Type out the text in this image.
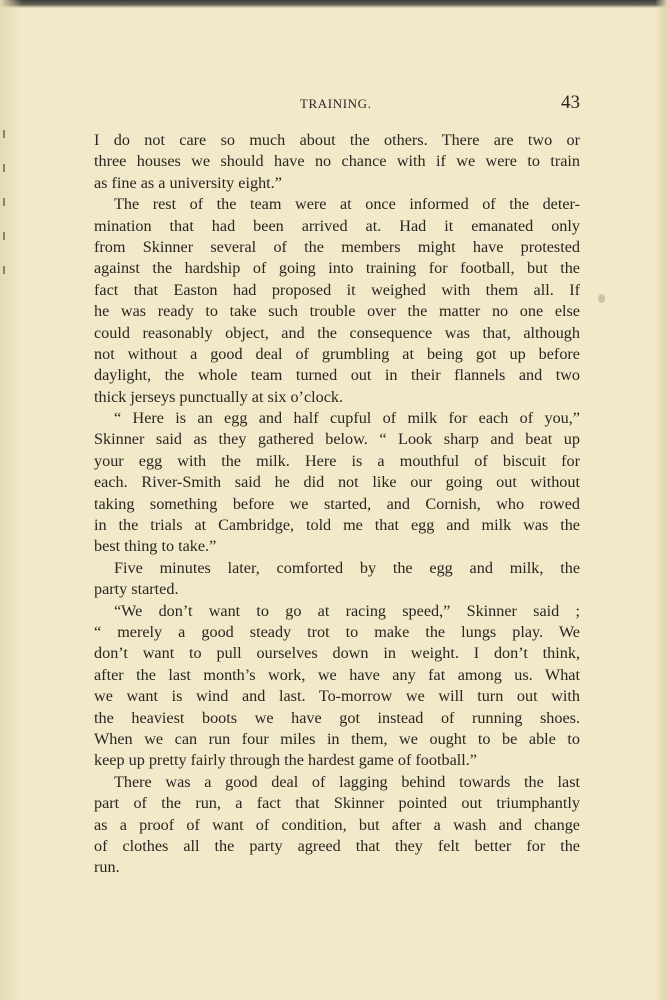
TRAINING.	43
I do not care so much about the others. There are two or
three houses we should have no chance with if we were to train
as fine as a university eight.”
The rest of the team were at once informed of the deter-
mination that had been arrived at. Had it emanated only
from Skinner several of the members might have protested
against the hardship of going into training for football, but the
fact that Easton had proposed it weighed with them all. If
he was ready to take such trouble over the matter no one else
could reasonably object, and the consequence was that, although
not without a good deal of grumbling at being got up before
daylight, the whole team turned out in their flannels and two
thick jerseys punctually at six o’clock.
“ Here is an egg and half cupful of milk for each of you,”
Skinner said as they gathered below. “ Look sharp and beat up
your egg with the milk. Here is a mouthful of biscuit for
each. River-Smith said he did not like our going out without
taking something before we started, and Cornish, who rowed
in the trials at Cambridge, told me that egg and milk was the
best thing to take.”
Five minutes later, comforted by the egg and milk, the
party started.
“We don’t want to go at racing speed,” Skinner said ;
“ merely a good steady trot to make the lungs play. We
don’t want to pull ourselves down in weight. I don’t think,
after the last month’s work, we have any fat among us. What
we want is wind and last. To-morrow we will turn out with
the heaviest boots we have got instead of running shoes.
When we can run four miles in them, we ought to be able to
keep up pretty fairly through the hardest game of football.”
There was a good deal of lagging behind towards the last
part of the run, a fact that Skinner pointed out triumphantly
as a proof of want of condition, but after a wash and change
of clothes all the party agreed that they felt better for the
run.
